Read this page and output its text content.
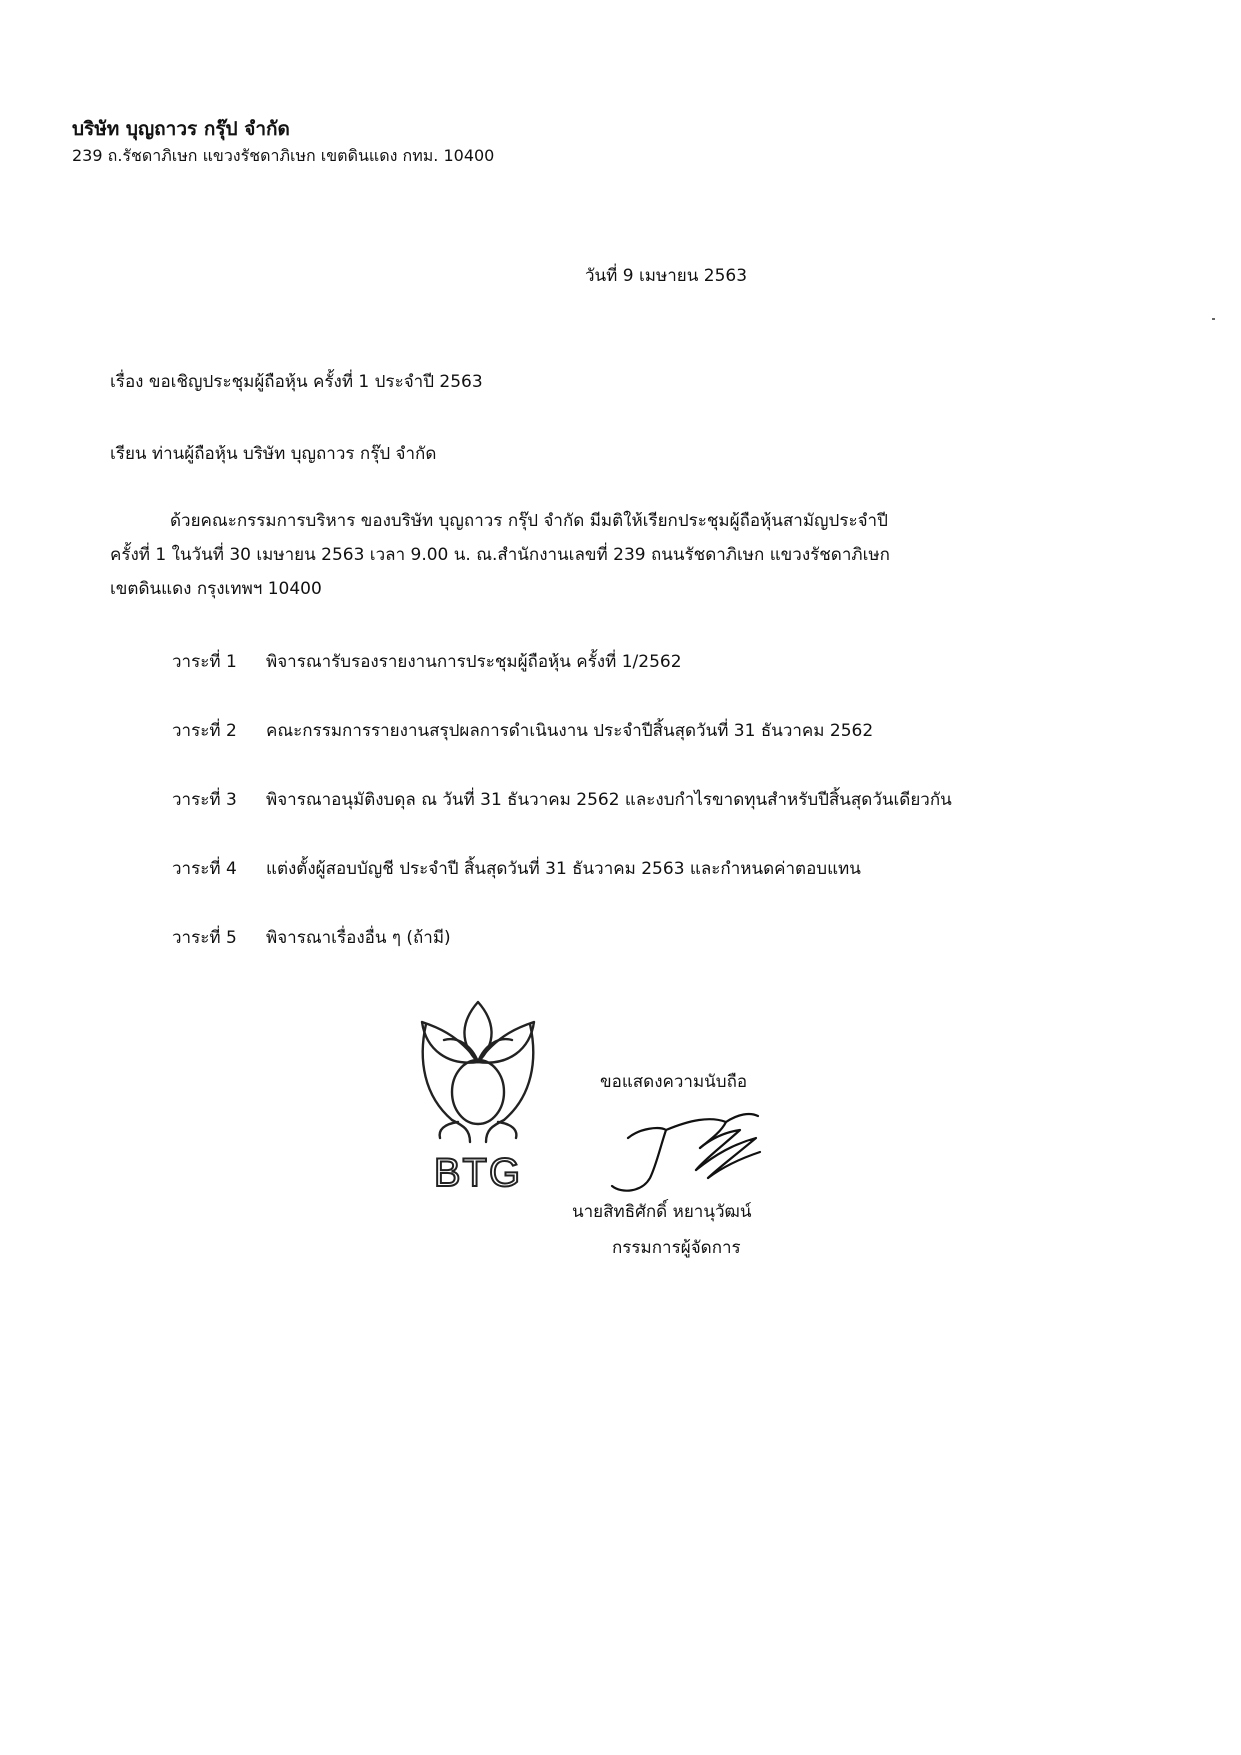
บริษัท บุญถาวร กรุ๊ป จำกัด
239 ถ.รัชดาภิเษก แขวงรัชดาภิเษก เขตดินแดง กทม. 10400
วันที่ 9 เมษายน 2563
เรื่อง ขอเชิญประชุมผู้ถือหุ้น ครั้งที่ 1 ประจำปี 2563
เรียน ท่านผู้ถือหุ้น บริษัท บุญถาวร กรุ๊ป จำกัด
ด้วยคณะกรรมการบริหาร ของบริษัท บุญถาวร กรุ๊ป จำกัด มีมติให้เรียกประชุมผู้ถือหุ้นสามัญประจำปี
ครั้งที่ 1 ในวันที่ 30 เมษายน 2563 เวลา 9.00 น. ณ.สำนักงานเลขที่ 239 ถนนรัชดาภิเษก แขวงรัชดาภิเษก
เขตดินแดง กรุงเทพฯ 10400
วาระที่ 1 พิจารณารับรองรายงานการประชุมผู้ถือหุ้น ครั้งที่ 1/2562
วาระที่ 2 คณะกรรมการรายงานสรุปผลการดำเนินงาน ประจำปีสิ้นสุดวันที่ 31 ธันวาคม 2562
วาระที่ 3 พิจารณาอนุมัติงบดุล ณ วันที่ 31 ธันวาคม 2562 และงบกำไรขาดทุนสำหรับปีสิ้นสุดวันเดียวกัน
วาระที่ 4 แต่งตั้งผู้สอบบัญชี ประจำปี สิ้นสุดวันที่ 31 ธันวาคม 2563 และกำหนดค่าตอบแทน
วาระที่ 5 พิจารณาเรื่องอื่น ๆ (ถ้ามี)
BTG
ขอแสดงความนับถือ
นายสิทธิศักดิ์ หยานุวัฒน์
กรรมการผู้จัดการ
